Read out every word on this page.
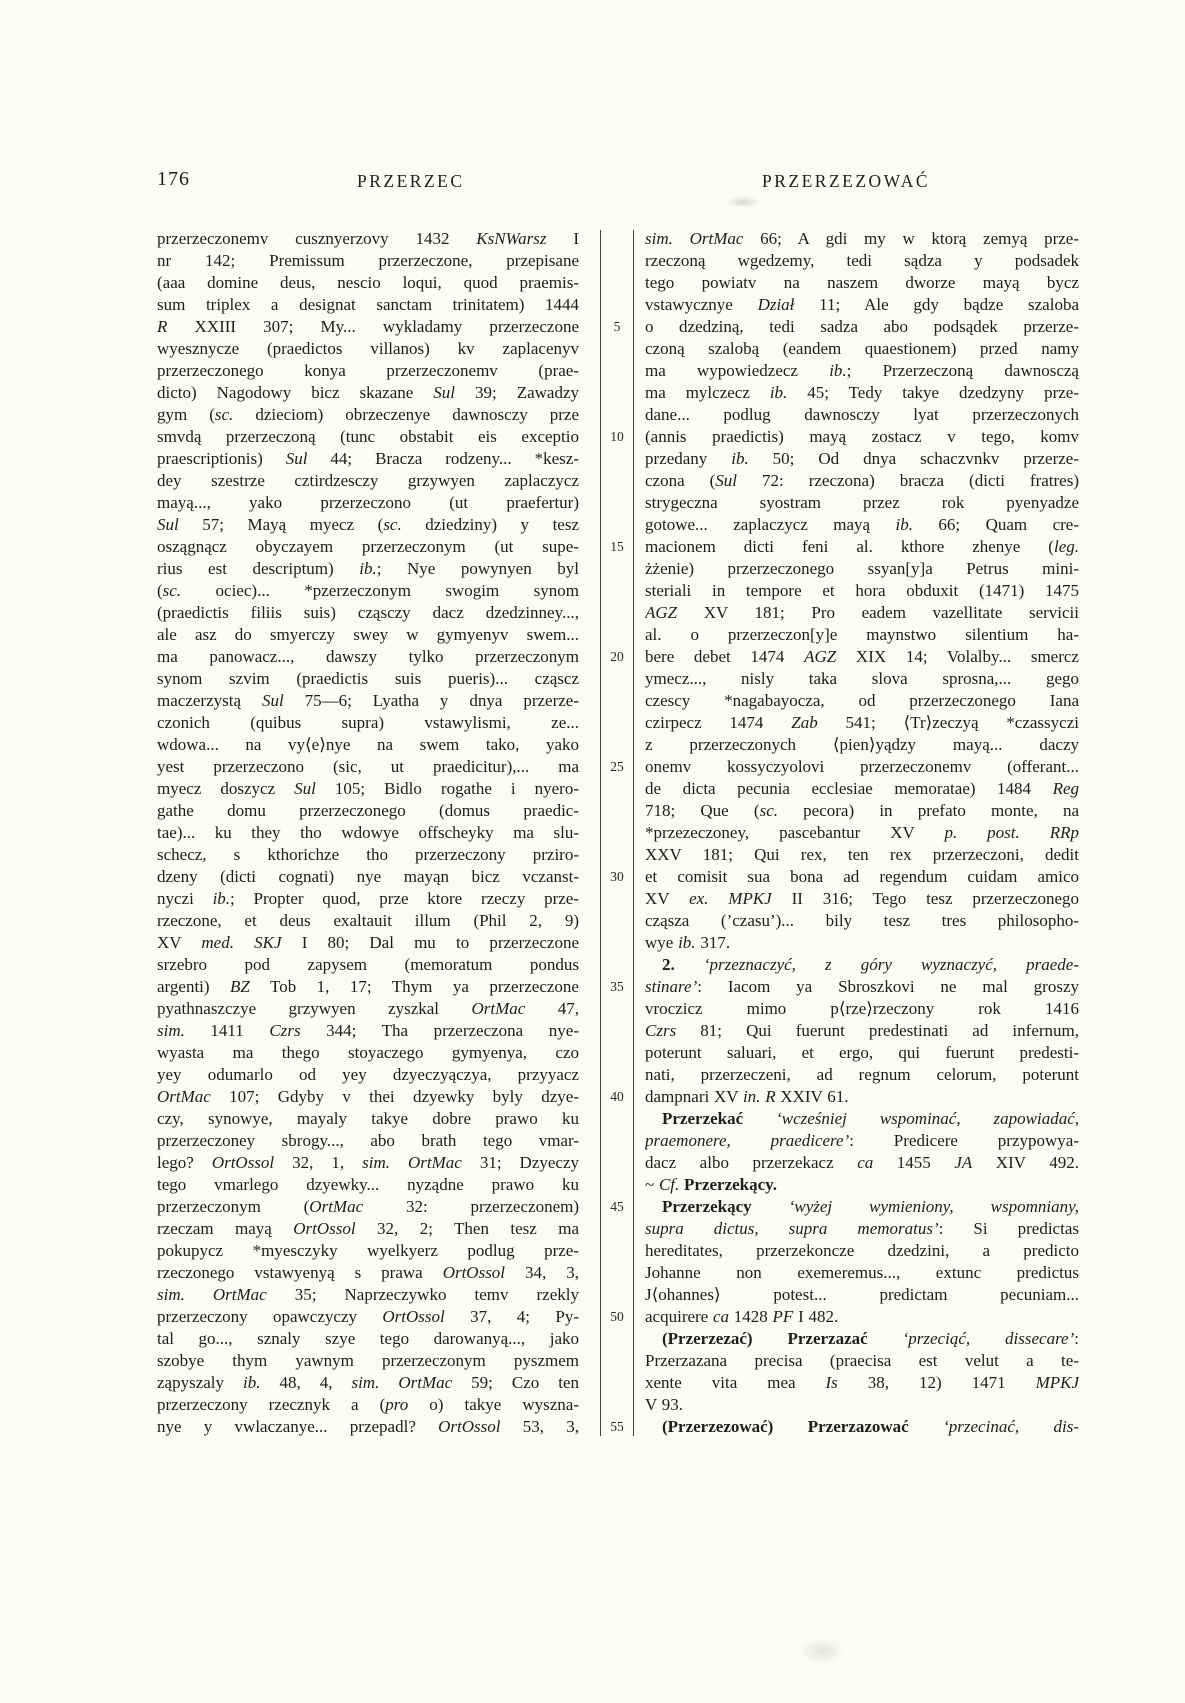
176	PRZERZEC	PRZERZEZOWAĆ
przerzeczonemv cusznyerzovy 1432 KsNWarsz I
nr 142; Premissum przerzeczone, przepisane
(aaa domine deus, nescio loqui, quod praemis-
sum triplex a designat sanctam trinitatem) 1444
R XXIII 307; My... wykladamy przerzeczone
wyesznycze (praedictos villanos) kv zaplacenyv
przerzeczonego konya przerzeczonemv (prae-
dicto) Nagodowy bicz skazane Sul 39; Zawadzy
gym (sc. dzieciom) obrzeczenye dawnosczy prze
smvdą przerzeczoną (tunc obstabit eis exceptio
praescriptionis) Sul 44; Bracza rodzeny... *kesz-
dey szestrze cztirdzesczy grzywyen zaplaczycz
mayą..., yako przerzeczono (ut praefertur)
Sul 57; Mayą myecz (sc. dziedziny) y tesz
oszągnącz obyczayem przerzeczonym (ut supe-
rius est descriptum) ib.; Nye powynyen byl
(sc. ociec)... *pzerzeczonym swogim synom
(praedictis filiis suis) cząsczy dacz dzedzinney...,
ale asz do smyerczy swey w gymyenyv swem...
ma panowacz..., dawszy tylko przerzeczonym
synom szvim (praedictis suis pueris)... cząscz
maczerzystą Sul 75—6; Lyatha y dnya przerze-
czonich (quibus supra) vstawylismi, ze...
wdowa... na vy⟨e⟩nye na swem tako, yako
yest przerzeczono (sic, ut praedicitur),... ma
myecz doszycz Sul 105; Bidlo rogathe i nyero-
gathe domu przerzeczonego (domus praedic-
tae)... ku they tho wdowye offscheyky ma slu-
schecz, s kthorichze tho przerzeczony prziro-
dzeny (dicti cognati) nye mayąn bicz vczanst-
nyczi ib.; Propter quod, prze ktore rzeczy prze-
rzeczone, et deus exaltauit illum (Phil 2, 9)
XV med. SKJ I 80; Dal mu to przerzeczone
srzebro pod zapysem (memoratum pondus
argenti) BZ Tob 1, 17; Thym ya przerzeczone
pyathnaszczye grzywyen zyszkal OrtMac 47,
sim. 1411 Czrs 344; Tha przerzeczona nye-
wyasta ma thego stoyaczego gymyenya, czo
yey odumarlo od yey dzyeczyączya, przyyacz
OrtMac 107; Gdyby v thei dzyewky byly dzye-
czy, synowye, mayaly takye dobre prawo ku
przerzeczoney sbrogy..., abo brath tego vmar-
lego? OrtOssol 32, 1, sim. OrtMac 31; Dzyeczy
tego vmarlego dzyewky... nyządne prawo ku
przerzeczonym (OrtMac 32: przerzeczonem)
rzeczam mayą OrtOssol 32, 2; Then tesz ma
pokupycz *myesczyky wyelkyerz podlug prze-
rzeczonego vstawyenyą s prawa OrtOssol 34, 3,
sim. OrtMac 35; Naprzeczywko temv rzekly
przerzeczony opawczyczy OrtOssol 37, 4; Py-
tal go..., sznaly szye tego darowanyą..., jako
szobye thym yawnym przerzeczonym pyszmem
ząpyszaly ib. 48, 4, sim. OrtMac 59; Czo ten
przerzeczony rzecznyk a (pro o) takye wyszna-
nye y vwlaczanye... przepadl? OrtOssol 53, 3,
5
10
15
20
25
30
35
40
45
50
55
sim. OrtMac 66; A gdi my w ktorą zemyą prze-
rzeczoną wgedzemy, tedi sądza y podsadek
tego powiatv na naszem dworze mayą bycz
vstawycznye Dział 11; Ale gdy bądze szaloba
o dzedziną, tedi sadza abo podsądek przerze-
czoną szalobą (eandem quaestionem) przed namy
ma wypowiedzecz ib.; Przerzeczoną dawnosczą
ma mylczecz ib. 45; Tedy takye dzedzyny prze-
dane... podlug dawnosczy lyat przerzeczonych
(annis praedictis) mayą zostacz v tego, komv
przedany ib. 50; Od dnya schaczvnkv przerze-
czona (Sul 72: rzeczona) bracza (dicti fratres)
strygeczna syostram przez rok pyenyadze
gotowe... zaplaczycz mayą ib. 66; Quam cre-
macionem dicti feni al. kthore zhenye (leg.
żżenie) przerzeczonego ssyan[y]a Petrus mini-
steriali in tempore et hora obduxit (1471) 1475
AGZ XV 181; Pro eadem vazellitate servicii
al. o przerzeczon[y]e maynstwo silentium ha-
bere debet 1474 AGZ XIX 14; Volalby... smercz
ymecz..., nisly taka slova sprosna,... gego
czescy *nagabayocza, od przerzeczonego Iana
czirpecz 1474 Zab 541; ⟨Tr⟩zeczyą *czassyczi
z przerzeczonych ⟨pien⟩yądzy mayą... daczy
onemv kossyczyolovi przerzeczonemv (offerant...
de dicta pecunia ecclesiae memoratae) 1484 Reg
718; Que (sc. pecora) in prefato monte, na
*przezeczoney, pascebantur XV p. post. RRp
XXV 181; Qui rex, ten rex przerzeczoni, dedit
et comisit sua bona ad regendum cuidam amico
XV ex. MPKJ II 316; Tego tesz przerzeczonego
cząsza (’czasu’)... bily tesz tres philosopho-
wye ib. 317.
2. ‘przeznaczyć, z góry wyznaczyć, praede-
stinare’: Iacom ya Sbroszkovi ne mal groszy
vroczicz mimo p⟨rze⟩rzeczony rok 1416
Czrs 81; Qui fuerunt predestinati ad infernum,
poterunt saluari, et ergo, qui fuerunt predesti-
nati, przerzeczeni, ad regnum celorum, poterunt
dampnari XV in. R XXIV 61.
Przerzekać ‘wcześniej wspominać, zapowiadać,
praemonere, praedicere’: Predicere przypowya-
dacz albo przerzekacz ca 1455 JA XIV 492.
~ Cf. Przerzekący.
Przerzekący ‘wyżej wymieniony, wspomniany,
supra dictus, supra memoratus’: Si predictas
hereditates, przerzekoncze dzedzini, a predicto
Johanne non exemeremus..., extunc predictus
J⟨ohannes⟩ potest... predictam pecuniam...
acquirere ca 1428 PF I 482.
(Przerzezać) Przerzazać ‘przeciąć, dissecare’:
Przerzazana precisa (praecisa est velut a te-
xente vita mea Is 38, 12) 1471 MPKJ
V 93.
(Przerzezować) Przerzazować ‘przecinać, dis-
